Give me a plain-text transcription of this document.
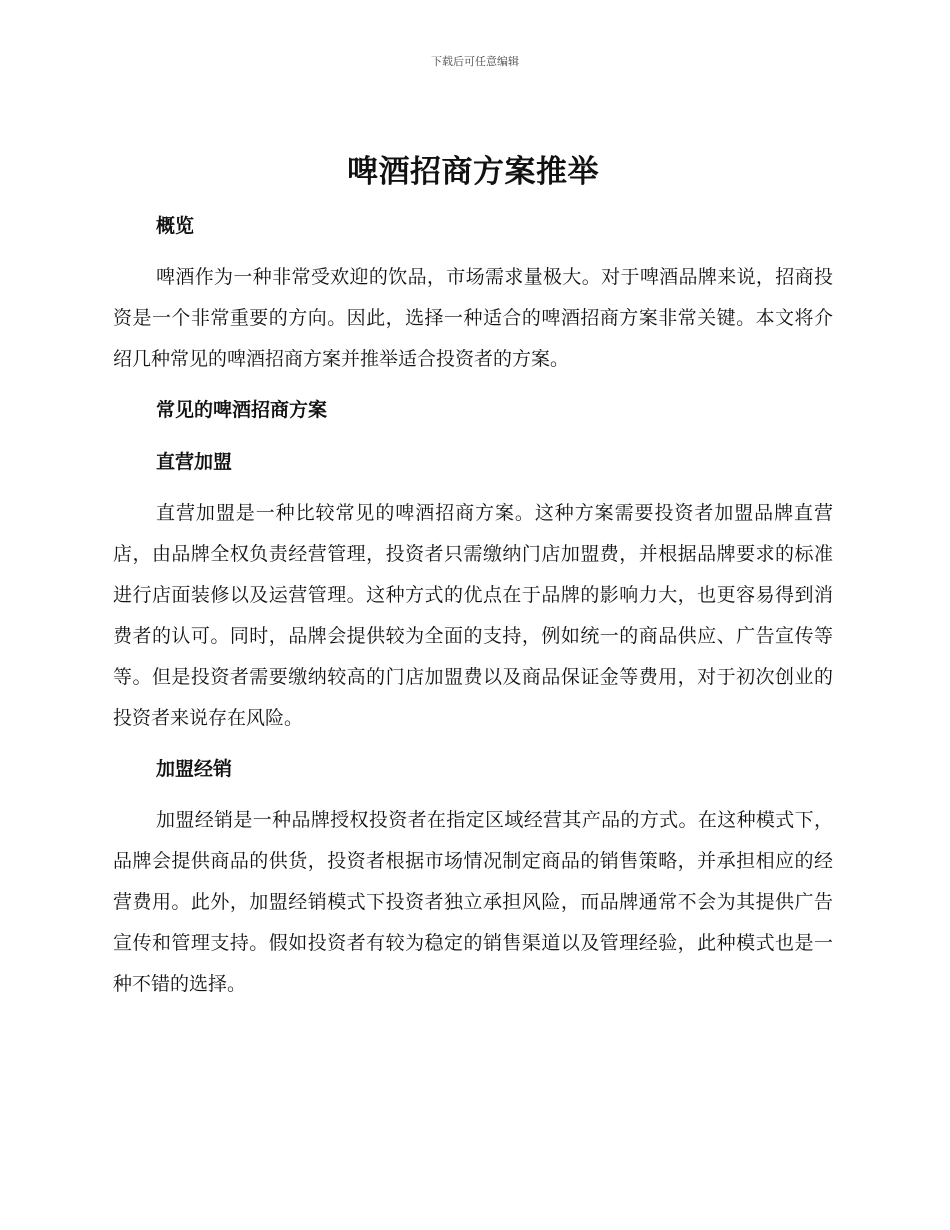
下载后可任意编辑

啤酒招商方案推举
概览

啤酒作为一种非常受欢迎的饮品，市场需求量极大。对于啤酒品牌来说，招商投资是一个非常重要的方向。因此，选择一种适合的啤酒招商方案非常关键。本文将介绍几种常见的啤酒招商方案并推举适合投资者的方案。

常见的啤酒招商方案
直营加盟

直营加盟是一种比较常见的啤酒招商方案。这种方案需要投资者加盟品牌直营店，由品牌全权负责经营管理，投资者只需缴纳门店加盟费，并根据品牌要求的标准进行店面装修以及运营管理。这种方式的优点在于品牌的影响力大，也更容易得到消费者的认可。同时，品牌会提供较为全面的支持，例如统一的商品供应、广告宣传等等。但是投资者需要缴纳较高的门店加盟费以及商品保证金等费用，对于初次创业的投资者来说存在风险。

加盟经销

加盟经销是一种品牌授权投资者在指定区域经营其产品的方式。在这种模式下，品牌会提供商品的供货，投资者根据市场情况制定商品的销售策略，并承担相应的经营费用。此外，加盟经销模式下投资者独立承担风险，而品牌通常不会为其提供广告宣传和管理支持。假如投资者有较为稳定的销售渠道以及管理经验，此种模式也是一种不错的选择。
